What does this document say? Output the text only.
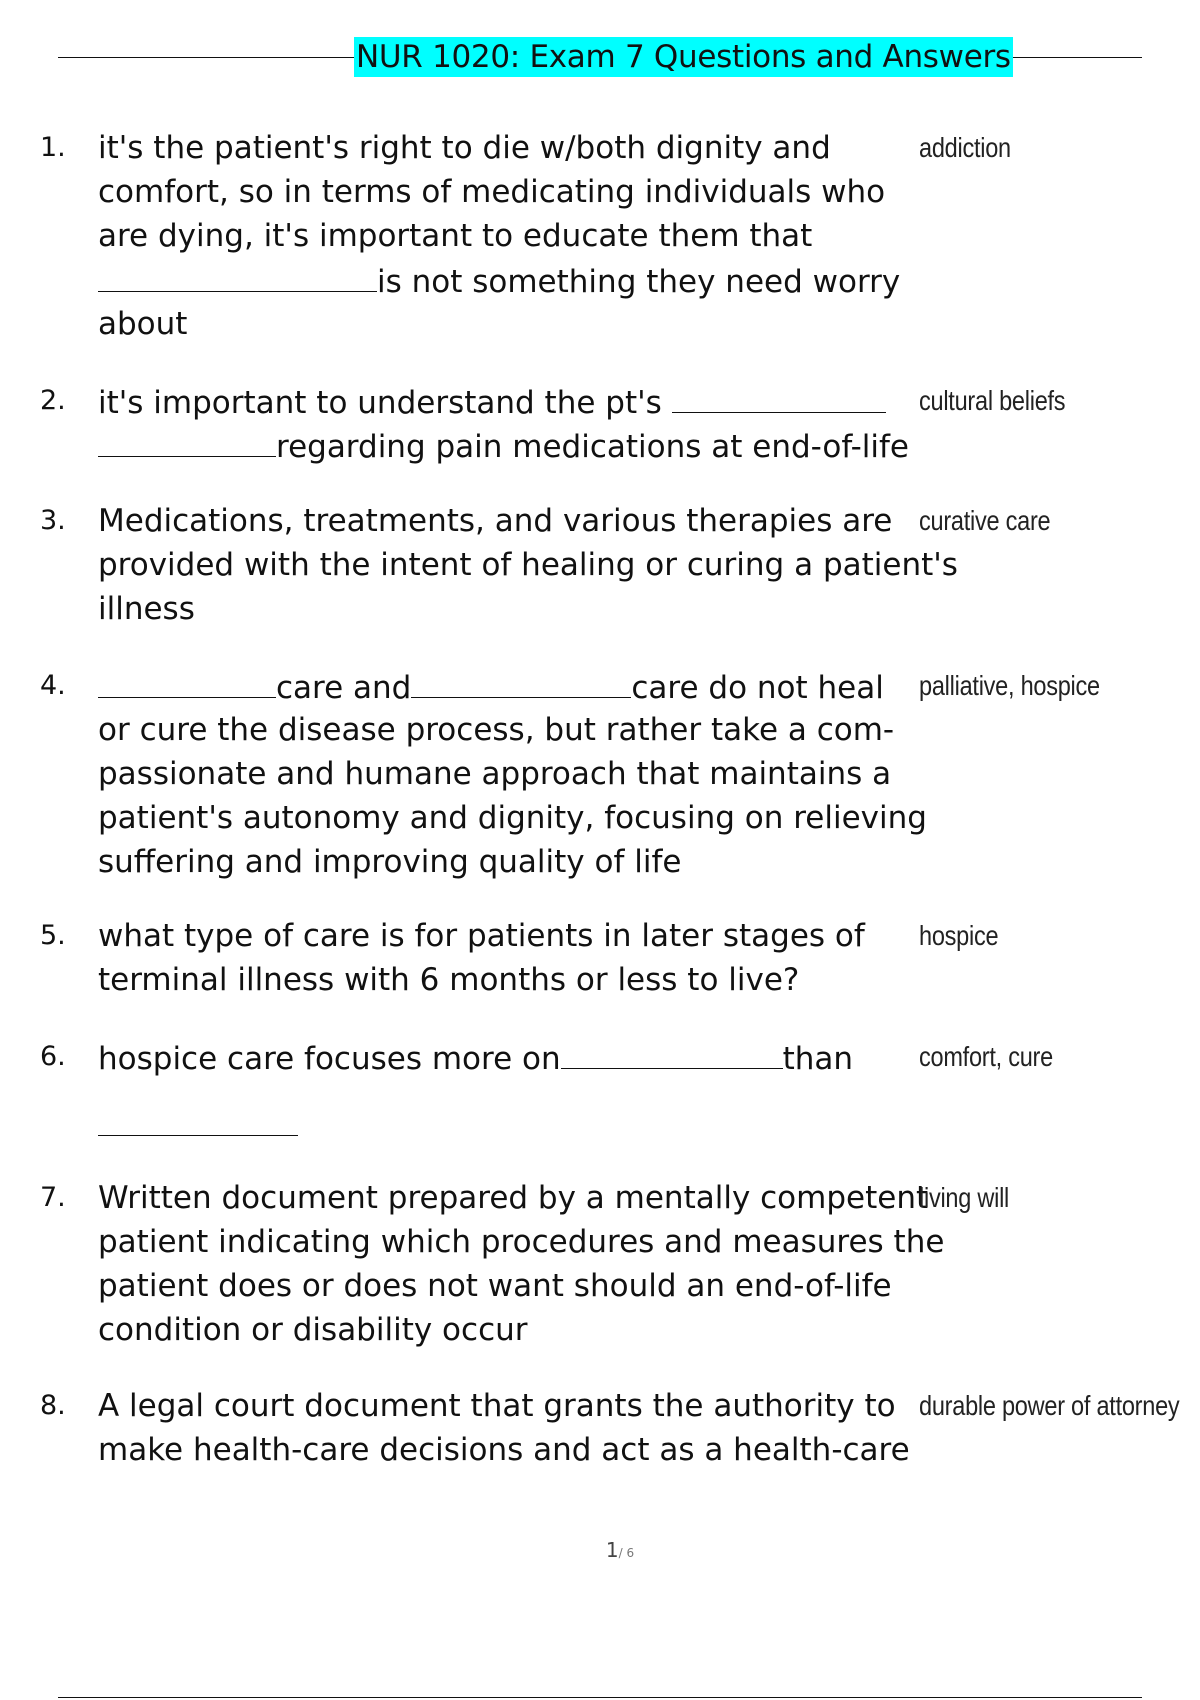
NUR 1020: Exam 7 Questions and Answers
1.	it's the patient's right to die w/both dignity and
comfort, so in terms of medicating individuals who
are dying, it's important to educate them that
is not something they need worry
about
addiction
2.	it's important to understand the pt's
regarding pain medications at end-of-life
cultural beliefs
3.	Medications, treatments, and various therapies are
provided with the intent of healing or curing a patient's
illness
curative care
4.	care and	care do not heal
or cure the disease process, but rather take a com-
passionate and humane approach that maintains a
patient's autonomy and dignity, focusing on relieving
suffering and improving quality of life
palliative, hospice
5.	what type of care is for patients in later stages of
terminal illness with 6 months or less to live?
hospice
6.	hospice care focuses more on	than	comfort, cure
7.	Written document prepared by a mentally competent
patient indicating which procedures and measures the
patient does or does not want should an end-of-life
condition or disability occur
living will
8.	A legal court document that grants the authority to
make health-care decisions and act as a health-care
durable power of attorney
1/ 6
